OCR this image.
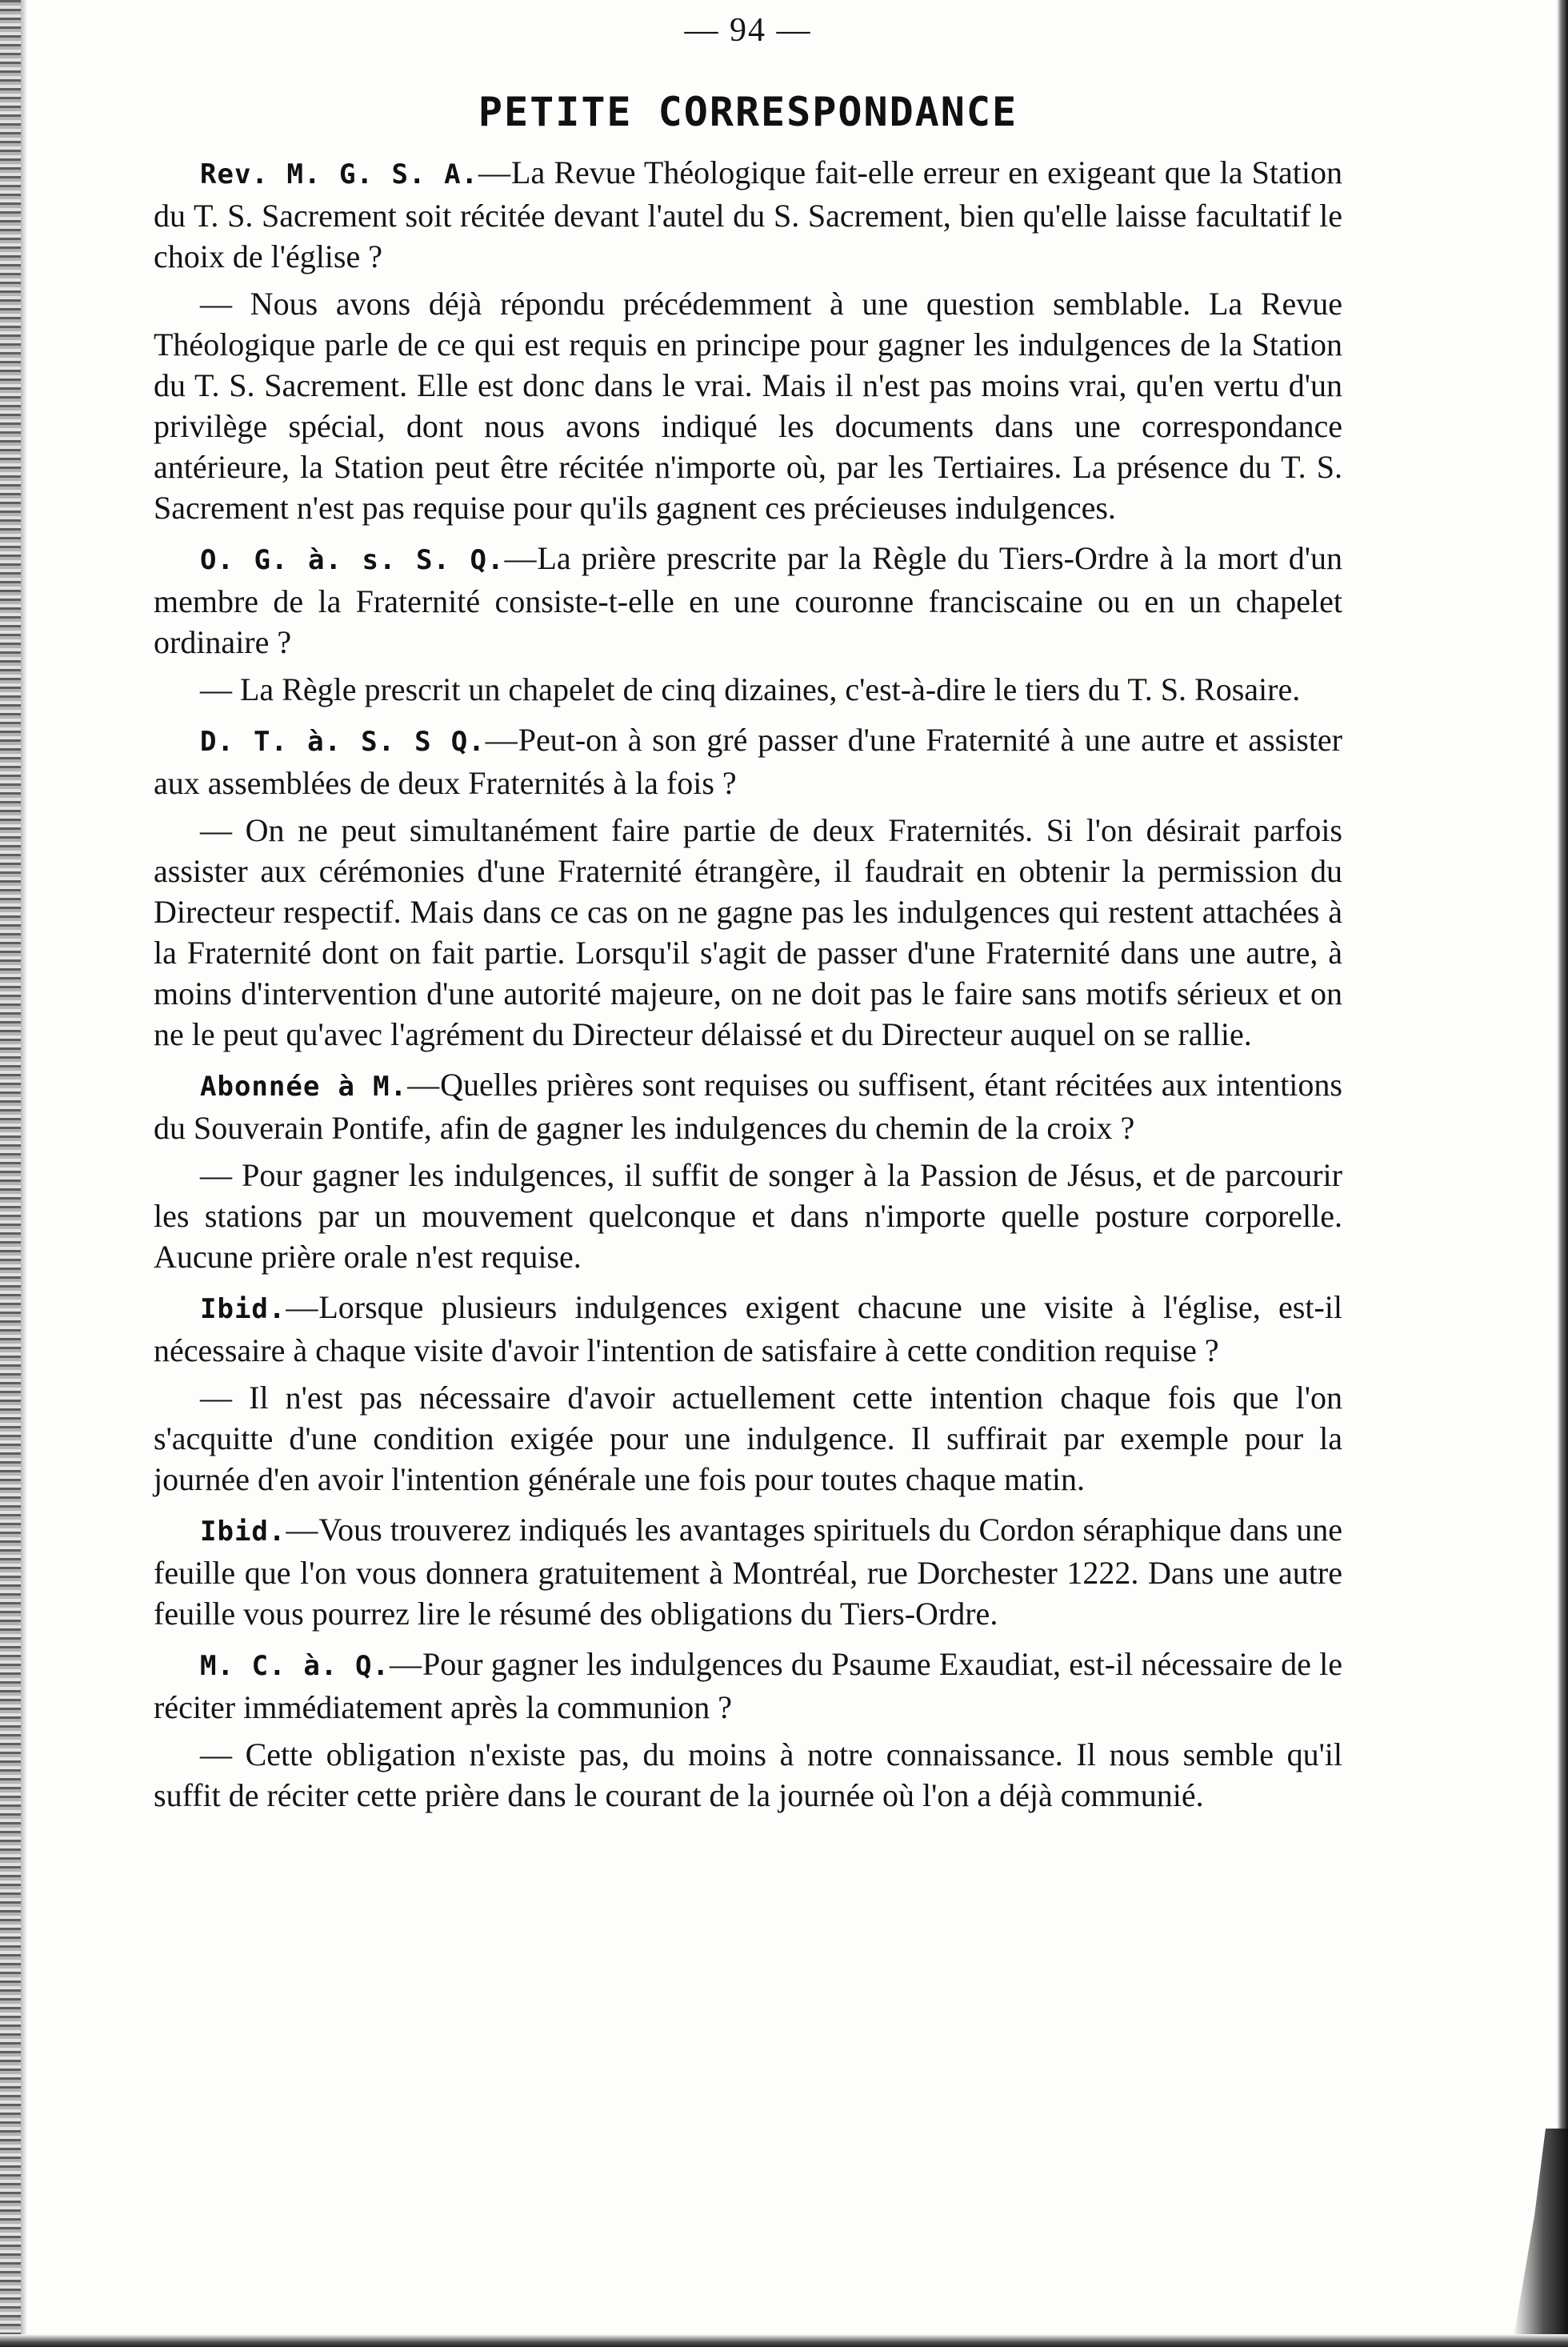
— 94 —
PETITE CORRESPONDANCE

Rev. M. G. S. A.—La Revue Théologique fait-elle erreur en exigeant que la Station du T. S. Sacrement soit récitée devant l'autel du S. Sacrement, bien qu'elle laisse facultatif le choix de l'église ?

— Nous avons déjà répondu précédemment à une question semblable. La Revue Théologique parle de ce qui est requis en principe pour gagner les indulgences de la Station du T. S. Sacrement. Elle est donc dans le vrai. Mais il n'est pas moins vrai, qu'en vertu d'un privilège spécial, dont nous avons indiqué les documents dans une correspondance antérieure, la Station peut être récitée n'importe où, par les Tertiaires. La présence du T. S. Sacrement n'est pas requise pour qu'ils gagnent ces précieuses indulgences.

O. G. à. s. S. Q.—La prière prescrite par la Règle du Tiers-Ordre à la mort d'un membre de la Fraternité consiste-t-elle en une couronne franciscaine ou en un chapelet ordinaire ?

— La Règle prescrit un chapelet de cinq dizaines, c'est-à-dire le tiers du T. S. Rosaire.

D. T. à. S. S Q.—Peut-on à son gré passer d'une Fraternité à une autre et assister aux assemblées de deux Fraternités à la fois ?

— On ne peut simultanément faire partie de deux Fraternités. Si l'on désirait parfois assister aux cérémonies d'une Fraternité étrangère, il faudrait en obtenir la permission du Directeur respectif. Mais dans ce cas on ne gagne pas les indulgences qui restent attachées à la Fraternité dont on fait partie. Lorsqu'il s'agit de passer d'une Fraternité dans une autre, à moins d'intervention d'une autorité majeure, on ne doit pas le faire sans motifs sérieux et on ne le peut qu'avec l'agrément du Directeur délaissé et du Directeur auquel on se rallie.

Abonnée à M.—Quelles prières sont requises ou suffisent, étant récitées aux intentions du Souverain Pontife, afin de gagner les indulgences du chemin de la croix ?

— Pour gagner les indulgences, il suffit de songer à la Passion de Jésus, et de parcourir les stations par un mouvement quelconque et dans n'importe quelle posture corporelle. Aucune prière orale n'est requise.

Ibid.—Lorsque plusieurs indulgences exigent chacune une visite à l'église, est-il nécessaire à chaque visite d'avoir l'intention de satisfaire à cette condition requise ?

— Il n'est pas nécessaire d'avoir actuellement cette intention chaque fois que l'on s'acquitte d'une condition exigée pour une indulgence. Il suffirait par exemple pour la journée d'en avoir l'intention générale une fois pour toutes chaque matin.

Ibid.—Vous trouverez indiqués les avantages spirituels du Cordon séraphique dans une feuille que l'on vous donnera gratuitement à Montréal, rue Dorchester 1222. Dans une autre feuille vous pourrez lire le résumé des obligations du Tiers-Ordre.

M. C. à. Q.—Pour gagner les indulgences du Psaume Exaudiat, est-il nécessaire de le réciter immédiatement après la communion ?

— Cette obligation n'existe pas, du moins à notre connaissance. Il nous semble qu'il suffit de réciter cette prière dans le courant de la journée où l'on a déjà communié.
